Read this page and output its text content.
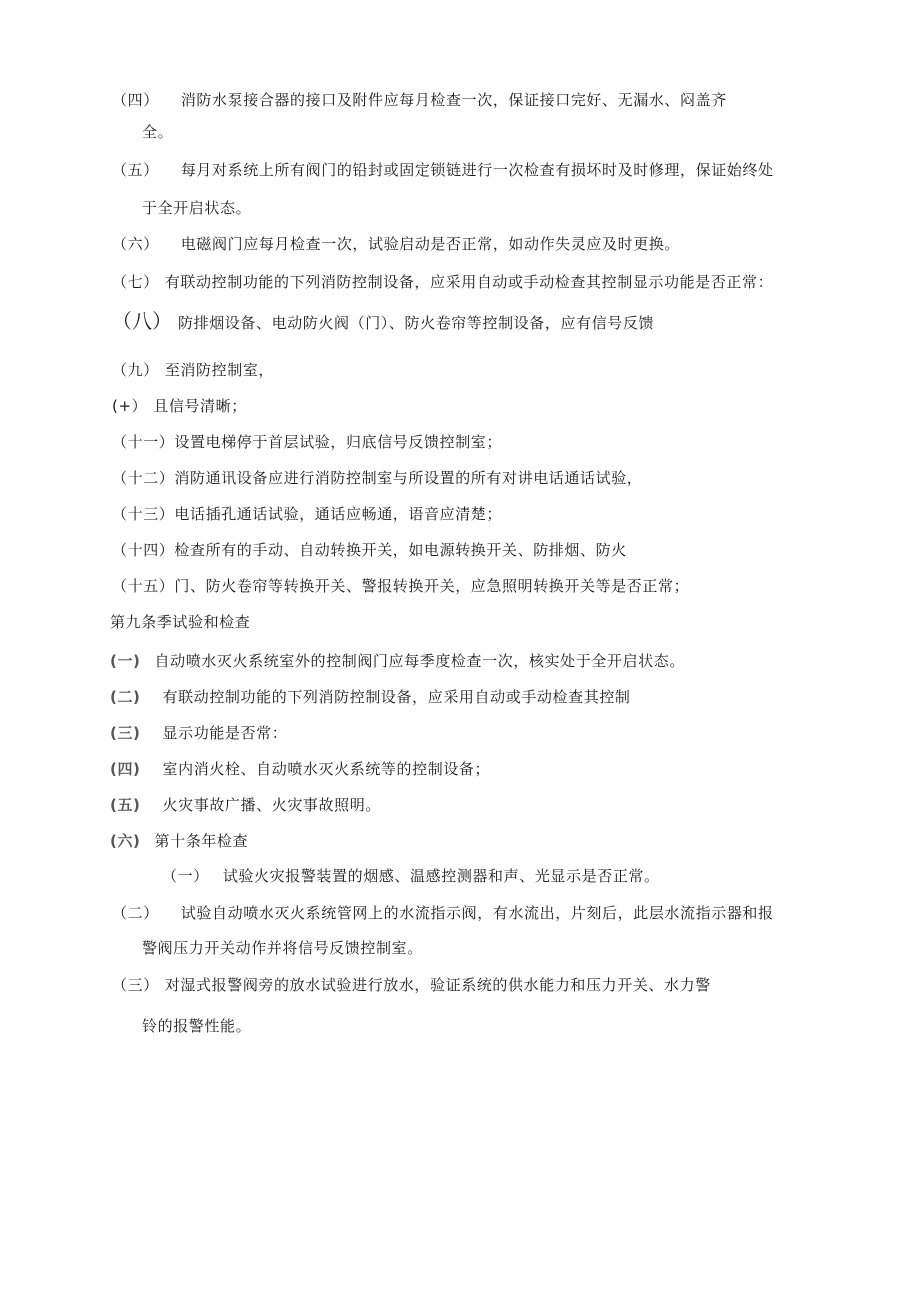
（四） 消防水泵接合器的接口及附件应每月检查一次，保证接口完好、无漏水、闷盖齐
全。
（五） 每月对系统上所有阀门的铅封或固定锁链进行一次检查有损坏时及时修理，保证始终处
于全开启状态。
（六） 电磁阀门应每月检查一次，试验启动是否正常，如动作失灵应及时更换。
（七） 有联动控制功能的下列消防控制设备，应采用自动或手动检查其控制显示功能是否正常：
（八） 防排烟设备、电动防火阀（门）、防火卷帘等控制设备，应有信号反馈
（九） 至消防控制室，
(+） 且信号清晰；
（十一）设置电梯停于首层试验，归底信号反馈控制室；
（十二）消防通讯设备应进行消防控制室与所设置的所有对讲电话通话试验，
（十三）电话插孔通话试验，通话应畅通，语音应清楚；
（十四）检查所有的手动、自动转换开关，如电源转换开关、防排烟、防火
（十五）门、防火卷帘等转换开关、警报转换开关，应急照明转换开关等是否正常；
第九条季试验和检查
(一) 自动喷水灭火系统室外的控制阀门应每季度检查一次，核实处于全开启状态。
(二) 有联动控制功能的下列消防控制设备，应采用自动或手动检查其控制
(三) 显示功能是否常：
(四) 室内消火栓、自动喷水灭火系统等的控制设备；
(五) 火灾事故广播、火灾事故照明。
(六) 第十条年检查
（一） 试验火灾报警装置的烟感、温感控测器和声、光显示是否正常。
（二） 试验自动喷水灭火系统管网上的水流指示阀，有水流出，片刻后，此层水流指示器和报
警阀压力开关动作并将信号反馈控制室。
（三） 对湿式报警阀旁的放水试验进行放水，验证系统的供水能力和压力开关、水力警
铃的报警性能。
